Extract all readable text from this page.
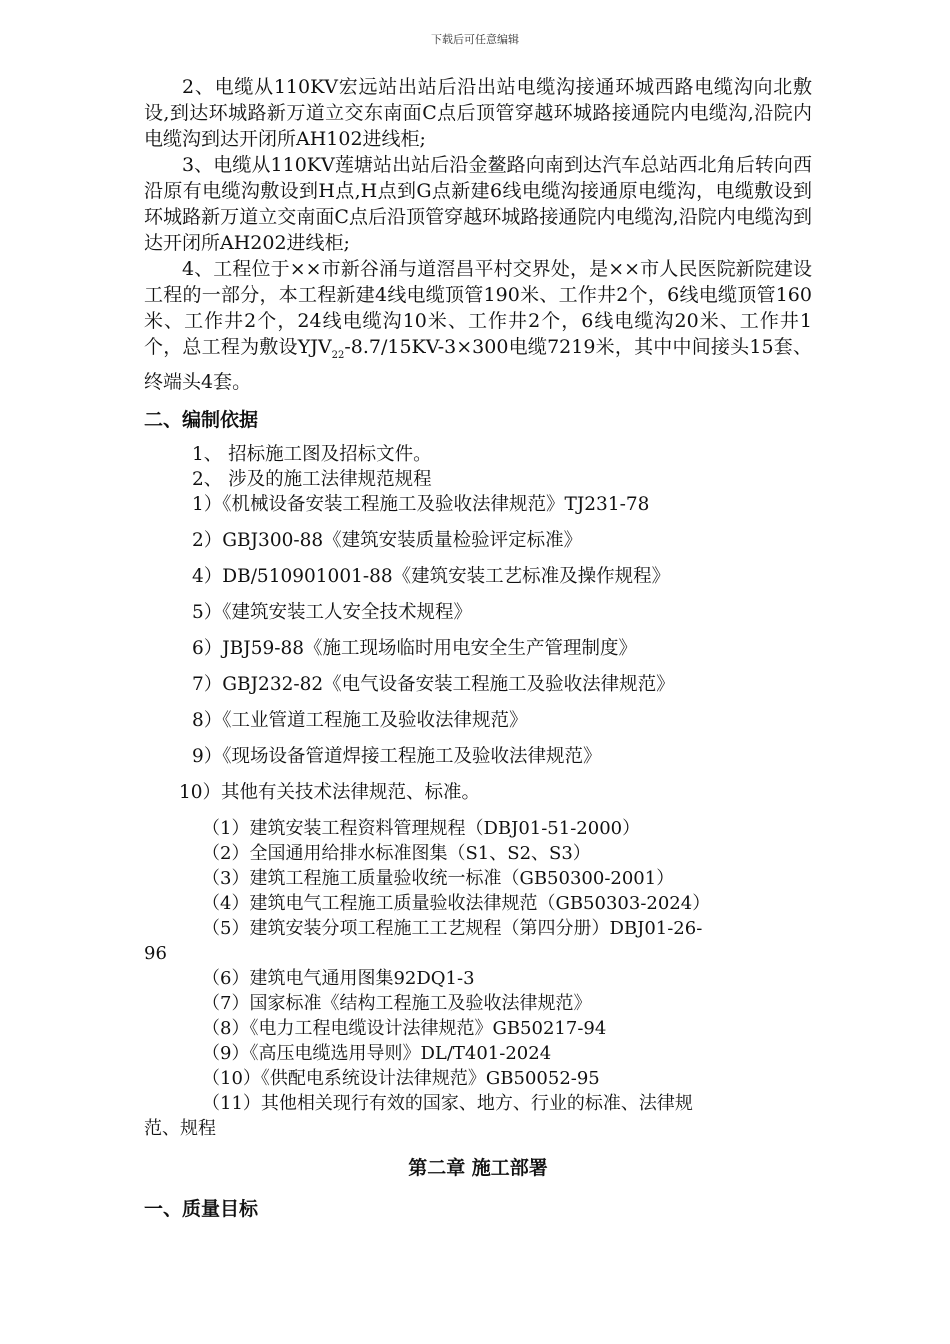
下载后可任意编辑

2、电缆从110KV宏远站出站后沿出站电缆沟接通环城西路电缆沟向北敷设,到达环城路新万道立交东南面C点后顶管穿越环城路接通院内电缆沟,沿院内电缆沟到达开闭所AH102进线柜;

3、电缆从110KV莲塘站出站后沿金鳌路向南到达汽车总站西北角后转向西沿原有电缆沟敷设到H点,H点到G点新建6线电缆沟接通原电缆沟，电缆敷设到环城路新万道立交南面C点后沿顶管穿越环城路接通院内电缆沟,沿院内电缆沟到达开闭所AH202进线柜;

4、工程位于××市新谷涌与道滘昌平村交界处，是××市人民医院新院建设工程的一部分，本工程新建4线电缆顶管190米、工作井2个，6线电缆顶管160米、工作井2个，24线电缆沟10米、工作井2个，6线电缆沟20米、工作井1个，总工程为敷设$YJV_{22}-8.7/15KV-3\times 300$电缆7219米，其中中间接头15套、终端头4套。

二、编制依据

1、 招标施工图及招标文件。

2、 涉及的施工法律规范规程

1）《机械设备安装工程施工及验收法律规范》TJ231-78

2）GBJ300-88《建筑安装质量检验评定标准》

4）DB/510901001-88《建筑安装工艺标准及操作规程》

5）《建筑安装工人安全技术规程》

6）JBJ59-88《施工现场临时用电安全生产管理制度》

7）GBJ232-82《电气设备安装工程施工及验收法律规范》

8）《工业管道工程施工及验收法律规范》

9）《现场设备管道焊接工程施工及验收法律规范》

10）其他有关技术法律规范、标准。

（1）建筑安装工程资料管理规程（DBJ01-51-2000）

（2）全国通用给排水标准图集（S1、S2、S3）

（3）建筑工程施工质量验收统一标准（GB50300-2001）

（4）建筑电气工程施工质量验收法律规范（GB50303-2024）

（5）建筑安装分项工程施工工艺规程（第四分册）DBJ01-26-

96

（6）建筑电气通用图集92DQ1-3

（7）国家标准《结构工程施工及验收法律规范》

（8）《电力工程电缆设计法律规范》GB50217-94

（9）《高压电缆选用导则》DL/T401-2024

（10）《供配电系统设计法律规范》GB50052-95

（11）其他相关现行有效的国家、地方、行业的标准、法律规

范、规程

第二章 施工部署

一、质量目标
